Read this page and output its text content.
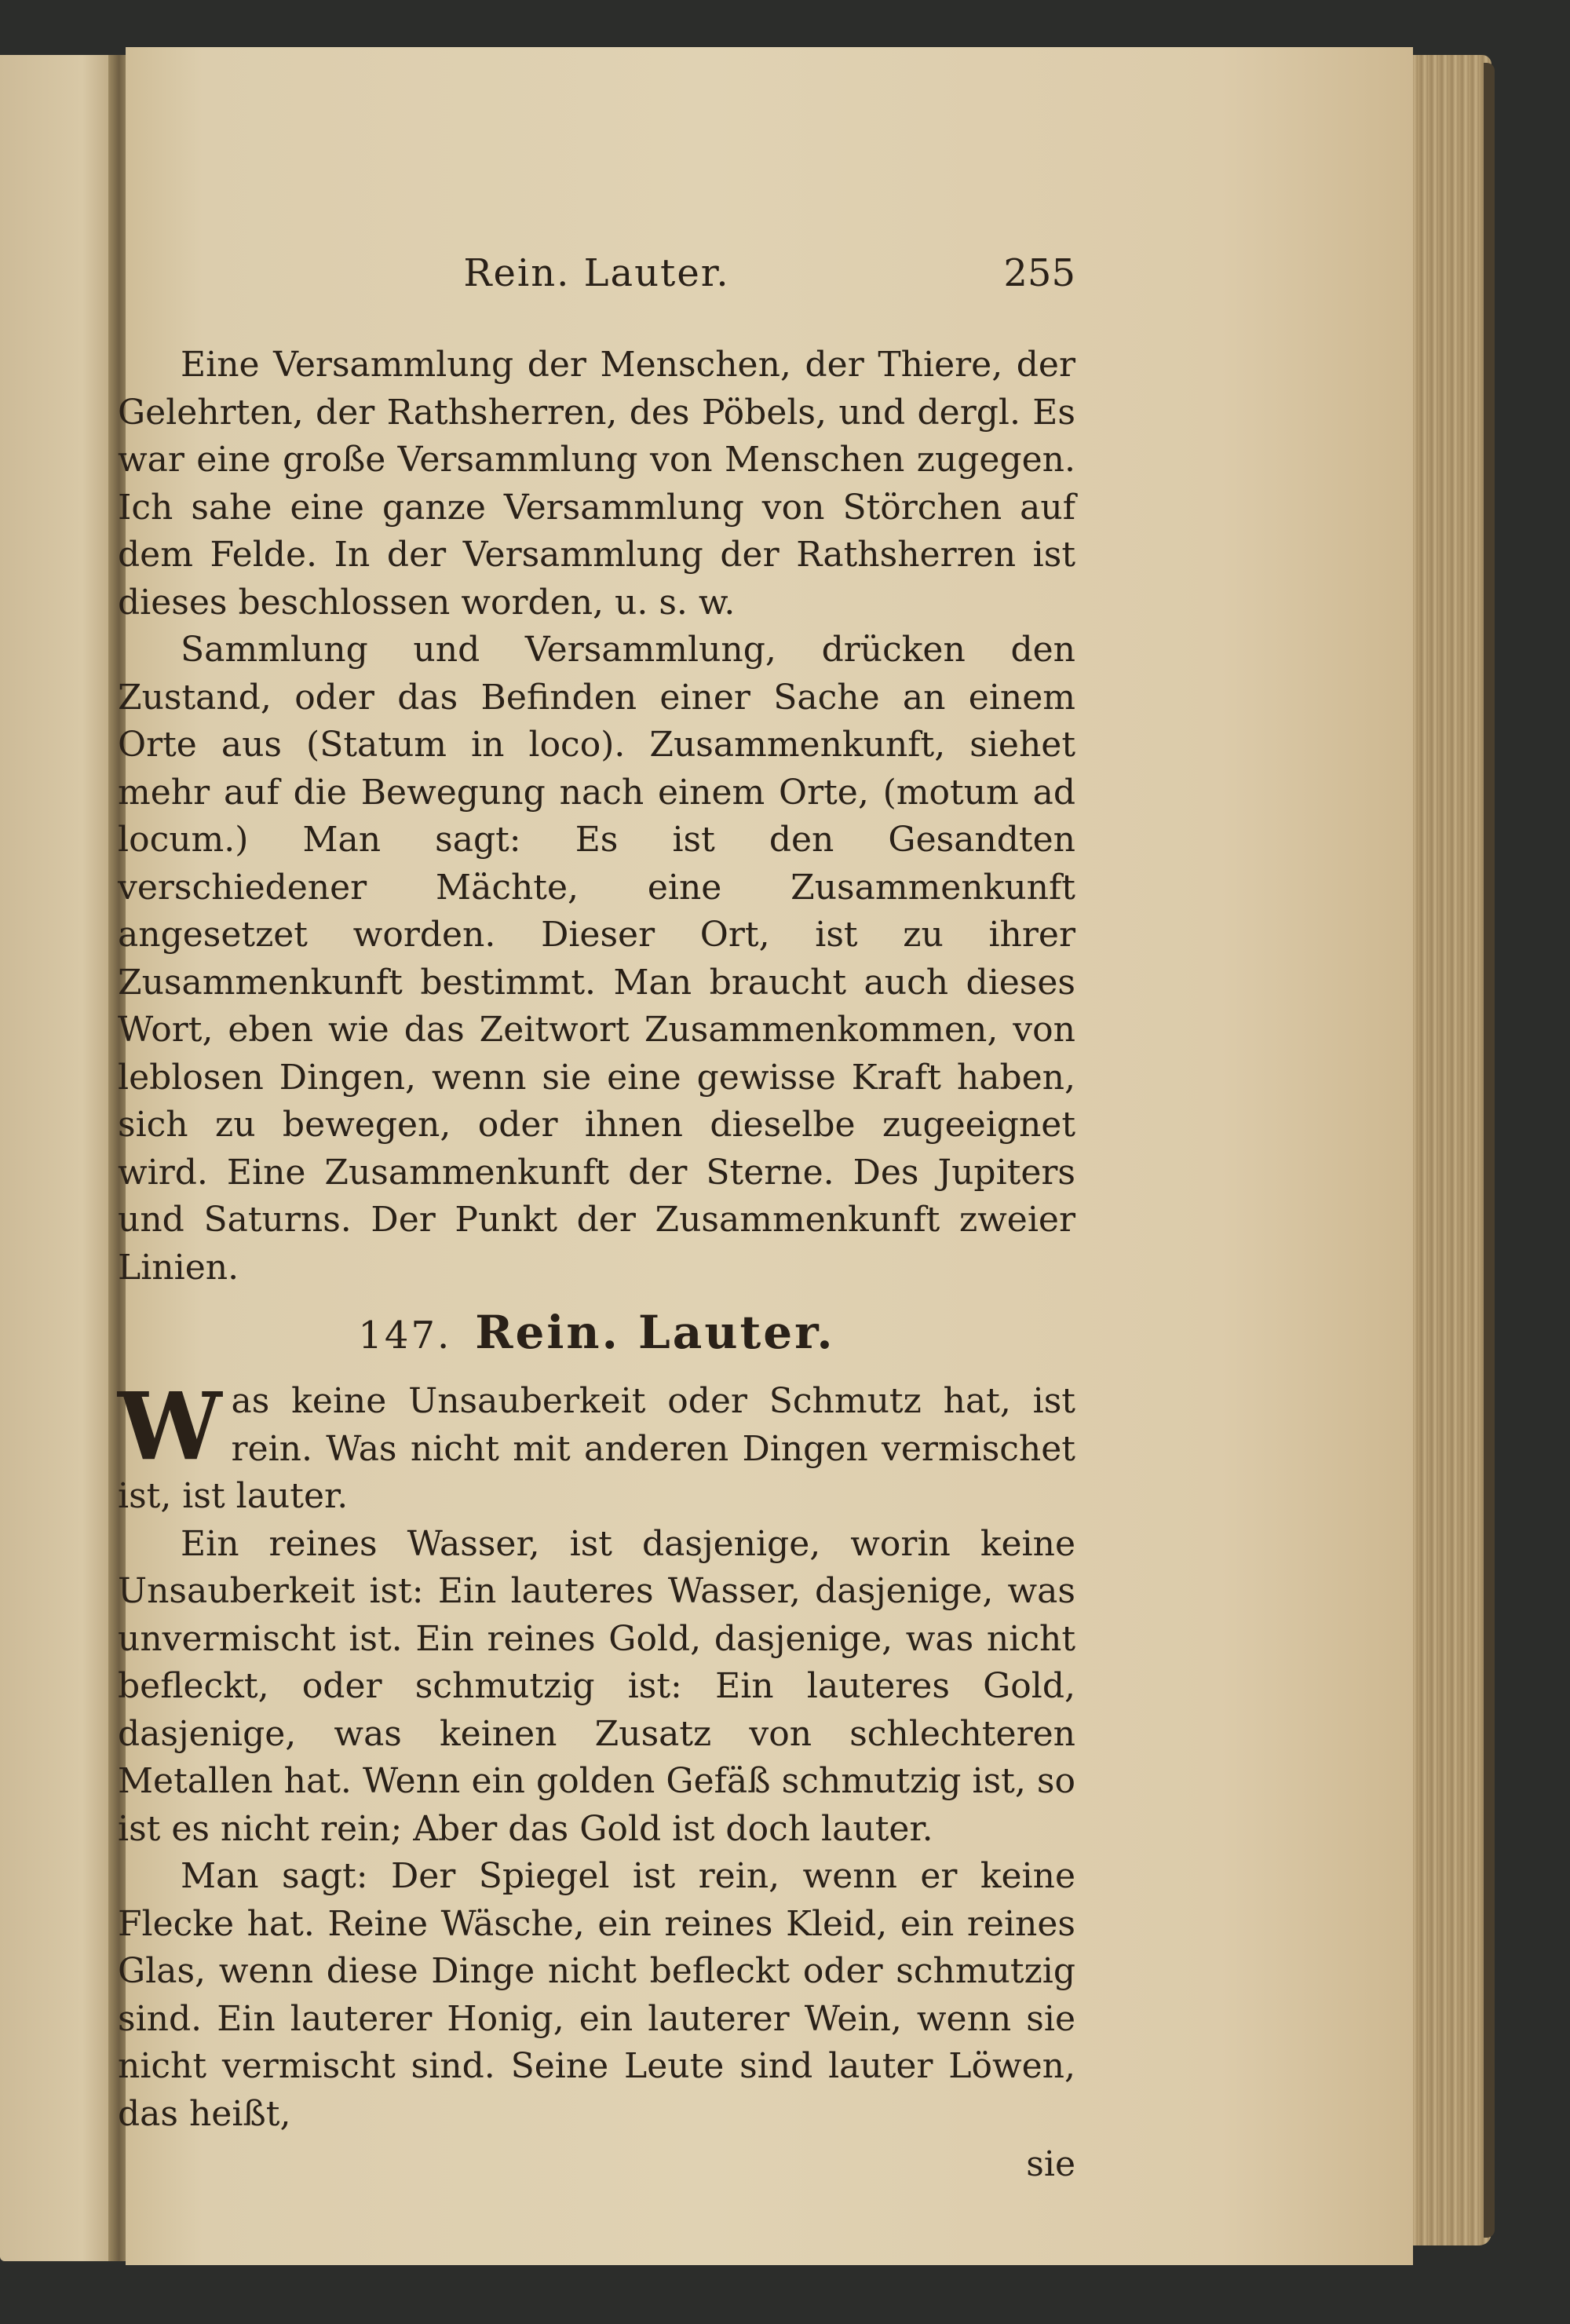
Rein. Lauter.	255

Eine Versammlung der Menschen, der Thiere, der Gelehrten, der Rathsherren, des Pöbels, und dergl. Es war eine große Versammlung von Menschen zugegen. Ich sahe eine ganze Versammlung von Störchen auf dem Felde. In der Versammlung der Rathsherren ist dieses beschlossen worden, u. s. w.

Sammlung und Versammlung, drücken den Zustand, oder das Befinden einer Sache an einem Orte aus (Statum in loco). Zusammenkunft, siehet mehr auf die Bewegung nach einem Orte, (motum ad locum.) Man sagt: Es ist den Gesandten verschiedener Mächte, eine Zusammenkunft angesetzet worden. Dieser Ort, ist zu ihrer Zusammenkunft bestimmt. Man braucht auch dieses Wort, eben wie das Zeitwort Zusammenkommen, von leblosen Dingen, wenn sie eine gewisse Kraft haben, sich zu bewegen, oder ihnen dieselbe zugeeignet wird. Eine Zusammenkunft der Sterne. Des Jupiters und Saturns. Der Punkt der Zusammenkunft zweier Linien.

147. Rein. Lauter.

Was keine Unsauberkeit oder Schmutz hat, ist rein. Was nicht mit anderen Dingen vermischet ist, ist lauter.

Ein reines Wasser, ist dasjenige, worin keine Unsauberkeit ist: Ein lauteres Wasser, dasjenige, was unvermischt ist. Ein reines Gold, dasjenige, was nicht befleckt, oder schmutzig ist: Ein lauteres Gold, dasjenige, was keinen Zusatz von schlechteren Metallen hat. Wenn ein golden Gefäß schmutzig ist, so ist es nicht rein; Aber das Gold ist doch lauter.

Man sagt: Der Spiegel ist rein, wenn er keine Flecke hat. Reine Wäsche, ein reines Kleid, ein reines Glas, wenn diese Dinge nicht befleckt oder schmutzig sind. Ein lauterer Honig, ein lauterer Wein, wenn sie nicht vermischt sind. Seine Leute sind lauter Löwen, das heißt,

sie
